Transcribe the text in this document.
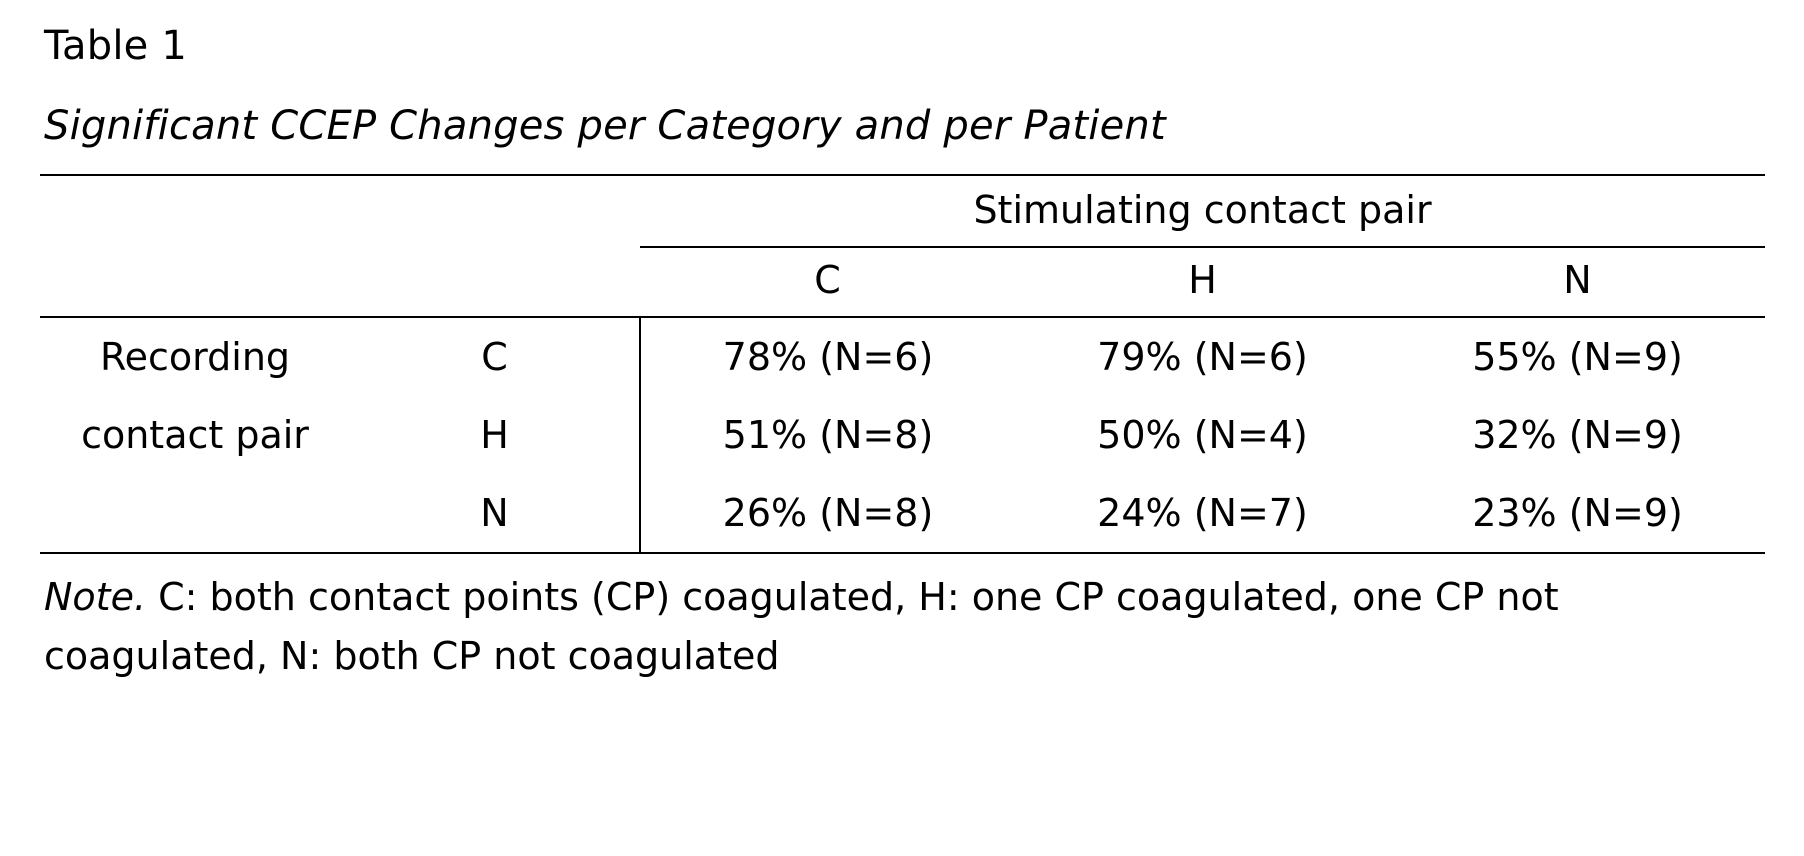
Table 1
Significant CCEP Changes per Category and per Patient
		Stimulating contact pair		

		C	H	N
Recording	C	78% (N=6)	79% (N=6)	55% (N=9)
contact pair	H	51% (N=8)	50% (N=4)	32% (N=9)
	N	26% (N=8)	24% (N=7)	23% (N=9)
Note. C: both contact points (CP) coagulated, H: one CP coagulated, one CP not coagulated, N: both CP not coagulated
